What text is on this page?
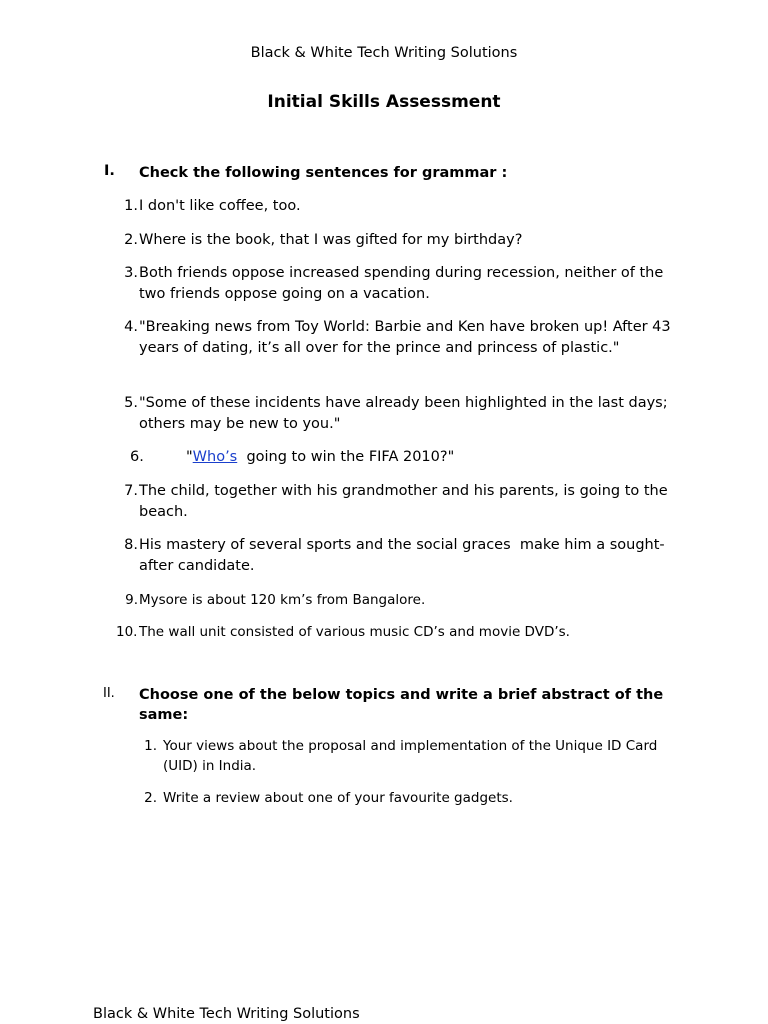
Black & White Tech Writing Solutions
Initial Skills Assessment
I. Check the following sentences for grammar :
1. I don't like coffee, too.
2. Where is the book, that I was gifted for my birthday?
3. Both friends oppose increased spending during recession, neither of the two friends oppose going on a vacation.
4. "Breaking news from Toy World: Barbie and Ken have broken up! After 43 years of dating, it’s all over for the prince and princess of plastic."
5. "Some of these incidents have already been highlighted in the last days; others may be new to you."
6.	"Who’s  going to win the FIFA 2010?"
7. The child, together with his grandmother and his parents, is going to the beach.
8. His mastery of several sports and the social graces  make him a sought-after candidate.
9. Mysore is about 120 km’s from Bangalore.
10. The wall unit consisted of various music CD’s and movie DVD’s.
II. Choose one of the below topics and write a brief abstract of the same:
1. Your views about the proposal and implementation of the Unique ID Card (UID) in India.
2. Write a review about one of your favourite gadgets.
Black & White Tech Writing Solutions
